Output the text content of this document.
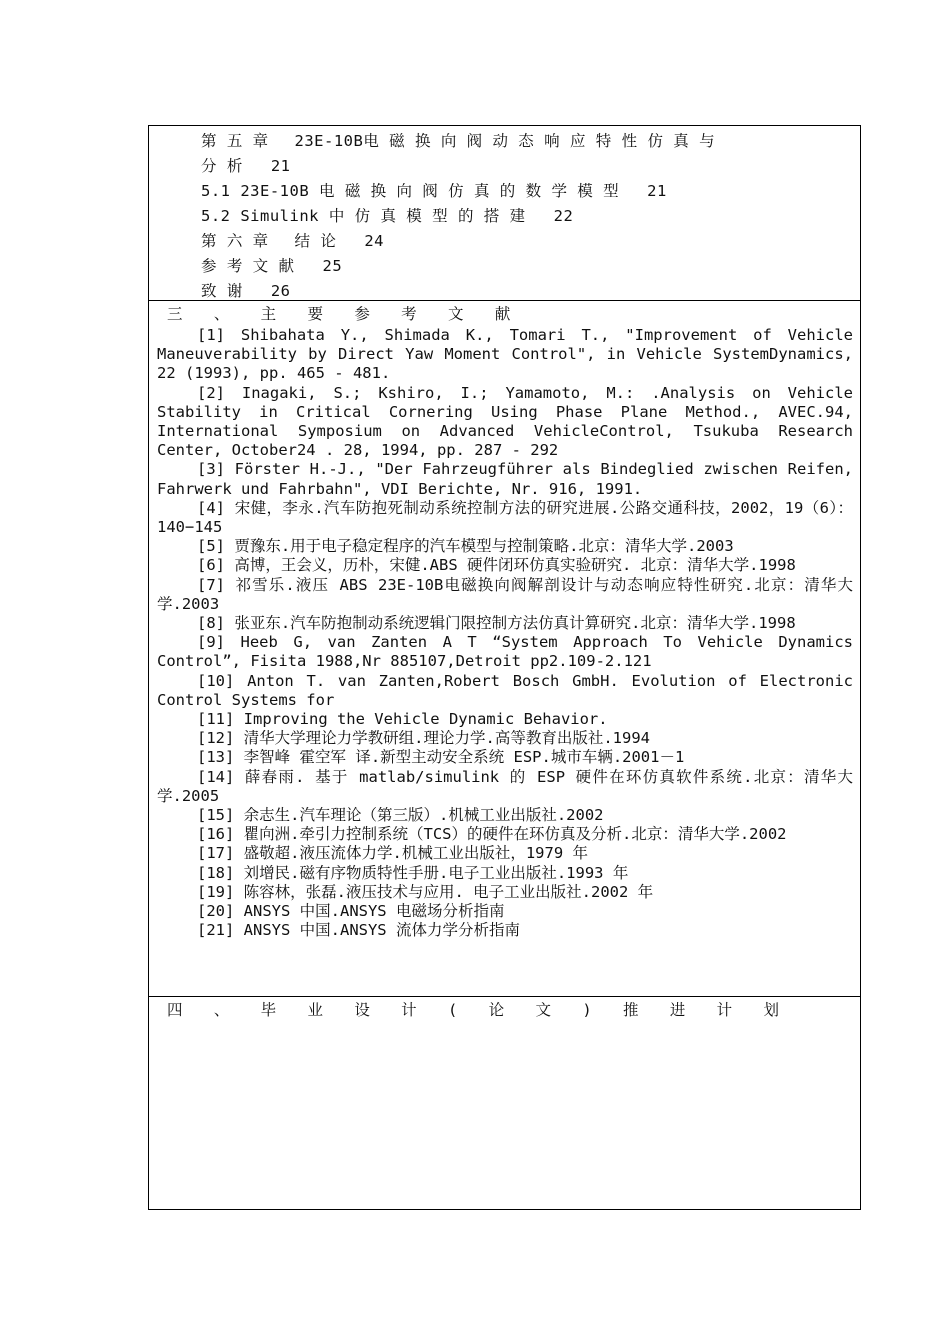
第 五 章　 23E-10B电 磁 换 向 阀 动 态 响 应 特 性 仿 真 与
分 析 21
5.1 23E-10B 电 磁 换 向 阀 仿 真 的 数 学 模 型 21
5.2 Simulink 中 仿 真 模 型 的 搭 建 22
第 六 章　 结 论 24
参 考 文 献 25
致 谢 26
三 、 主 要 参 考 文 献

[1] Shibahata Y., Shimada K., Tomari T., "Improvement of Vehicle Maneuverability by Direct Yaw Moment Control", in Vehicle SystemDynamics, 22 (1993), pp. 465 - 481.

[2] Inagaki, S.; Kshiro, I.; Yamamoto, M.: .Analysis on Vehicle Stability in Critical Cornering Using Phase Plane Method., AVEC.94, International Symposium on Advanced VehicleControl, Tsukuba Research Center, October24 . 28, 1994, pp. 287 - 292

[3] Förster H.-J., "Der Fahrzeugführer als Bindeglied zwischen Reifen, Fahrwerk und Fahrbahn", VDI Berichte, Nr. 916, 1991.

[4] 宋健，李永.汽车防抱死制动系统控制方法的研究进展.公路交通科技，2002，19（6）：140−145

[5] 贾豫东.用于电子稳定程序的汽车模型与控制策略.北京：清华大学.2003

[6] 高博，王会义，历朴，宋健.ABS 硬件闭环仿真实验研究. 北京：清华大学.1998

[7] 祁雪乐.液压 ABS 23E-10B电磁换向阀解剖设计与动态响应特性研究.北京：清华大学.2003

[8] 张亚东.汽车防抱制动系统逻辑门限控制方法仿真计算研究.北京：清华大学.1998

[9] Heeb G, van Zanten A T “System Approach To Vehicle Dynamics Control”, Fisita 1988,Nr 885107,Detroit pp2.109-2.121

[10] Anton T. van Zanten,Robert Bosch GmbH. Evolution of Electronic Control Systems for

[11] Improving the Vehicle Dynamic Behavior.

[12] 清华大学理论力学教研组.理论力学.高等教育出版社.1994

[13] 李智峰 霍空军 译.新型主动安全系统 ESP.城市车辆.2001－1

[14] 薛春雨. 基于 matlab/simulink 的 ESP 硬件在环仿真软件系统.北京：清华大学.2005

[15] 余志生.汽车理论（第三版）.机械工业出版社.2002

[16] 瞿向洲.牵引力控制系统（TCS）的硬件在环仿真及分析.北京：清华大学.2002

[17] 盛敬超.液压流体力学.机械工业出版社，1979 年

[18] 刘增民.磁有序物质特性手册.电子工业出版社.1993 年

[19] 陈容林，张磊.液压技术与应用. 电子工业出版社.2002 年

[20] ANSYS 中国.ANSYS 电磁场分析指南

[21] ANSYS 中国.ANSYS 流体力学分析指南

四 、 毕 业 设 计 ( 论 文 ) 推 进 计 划
